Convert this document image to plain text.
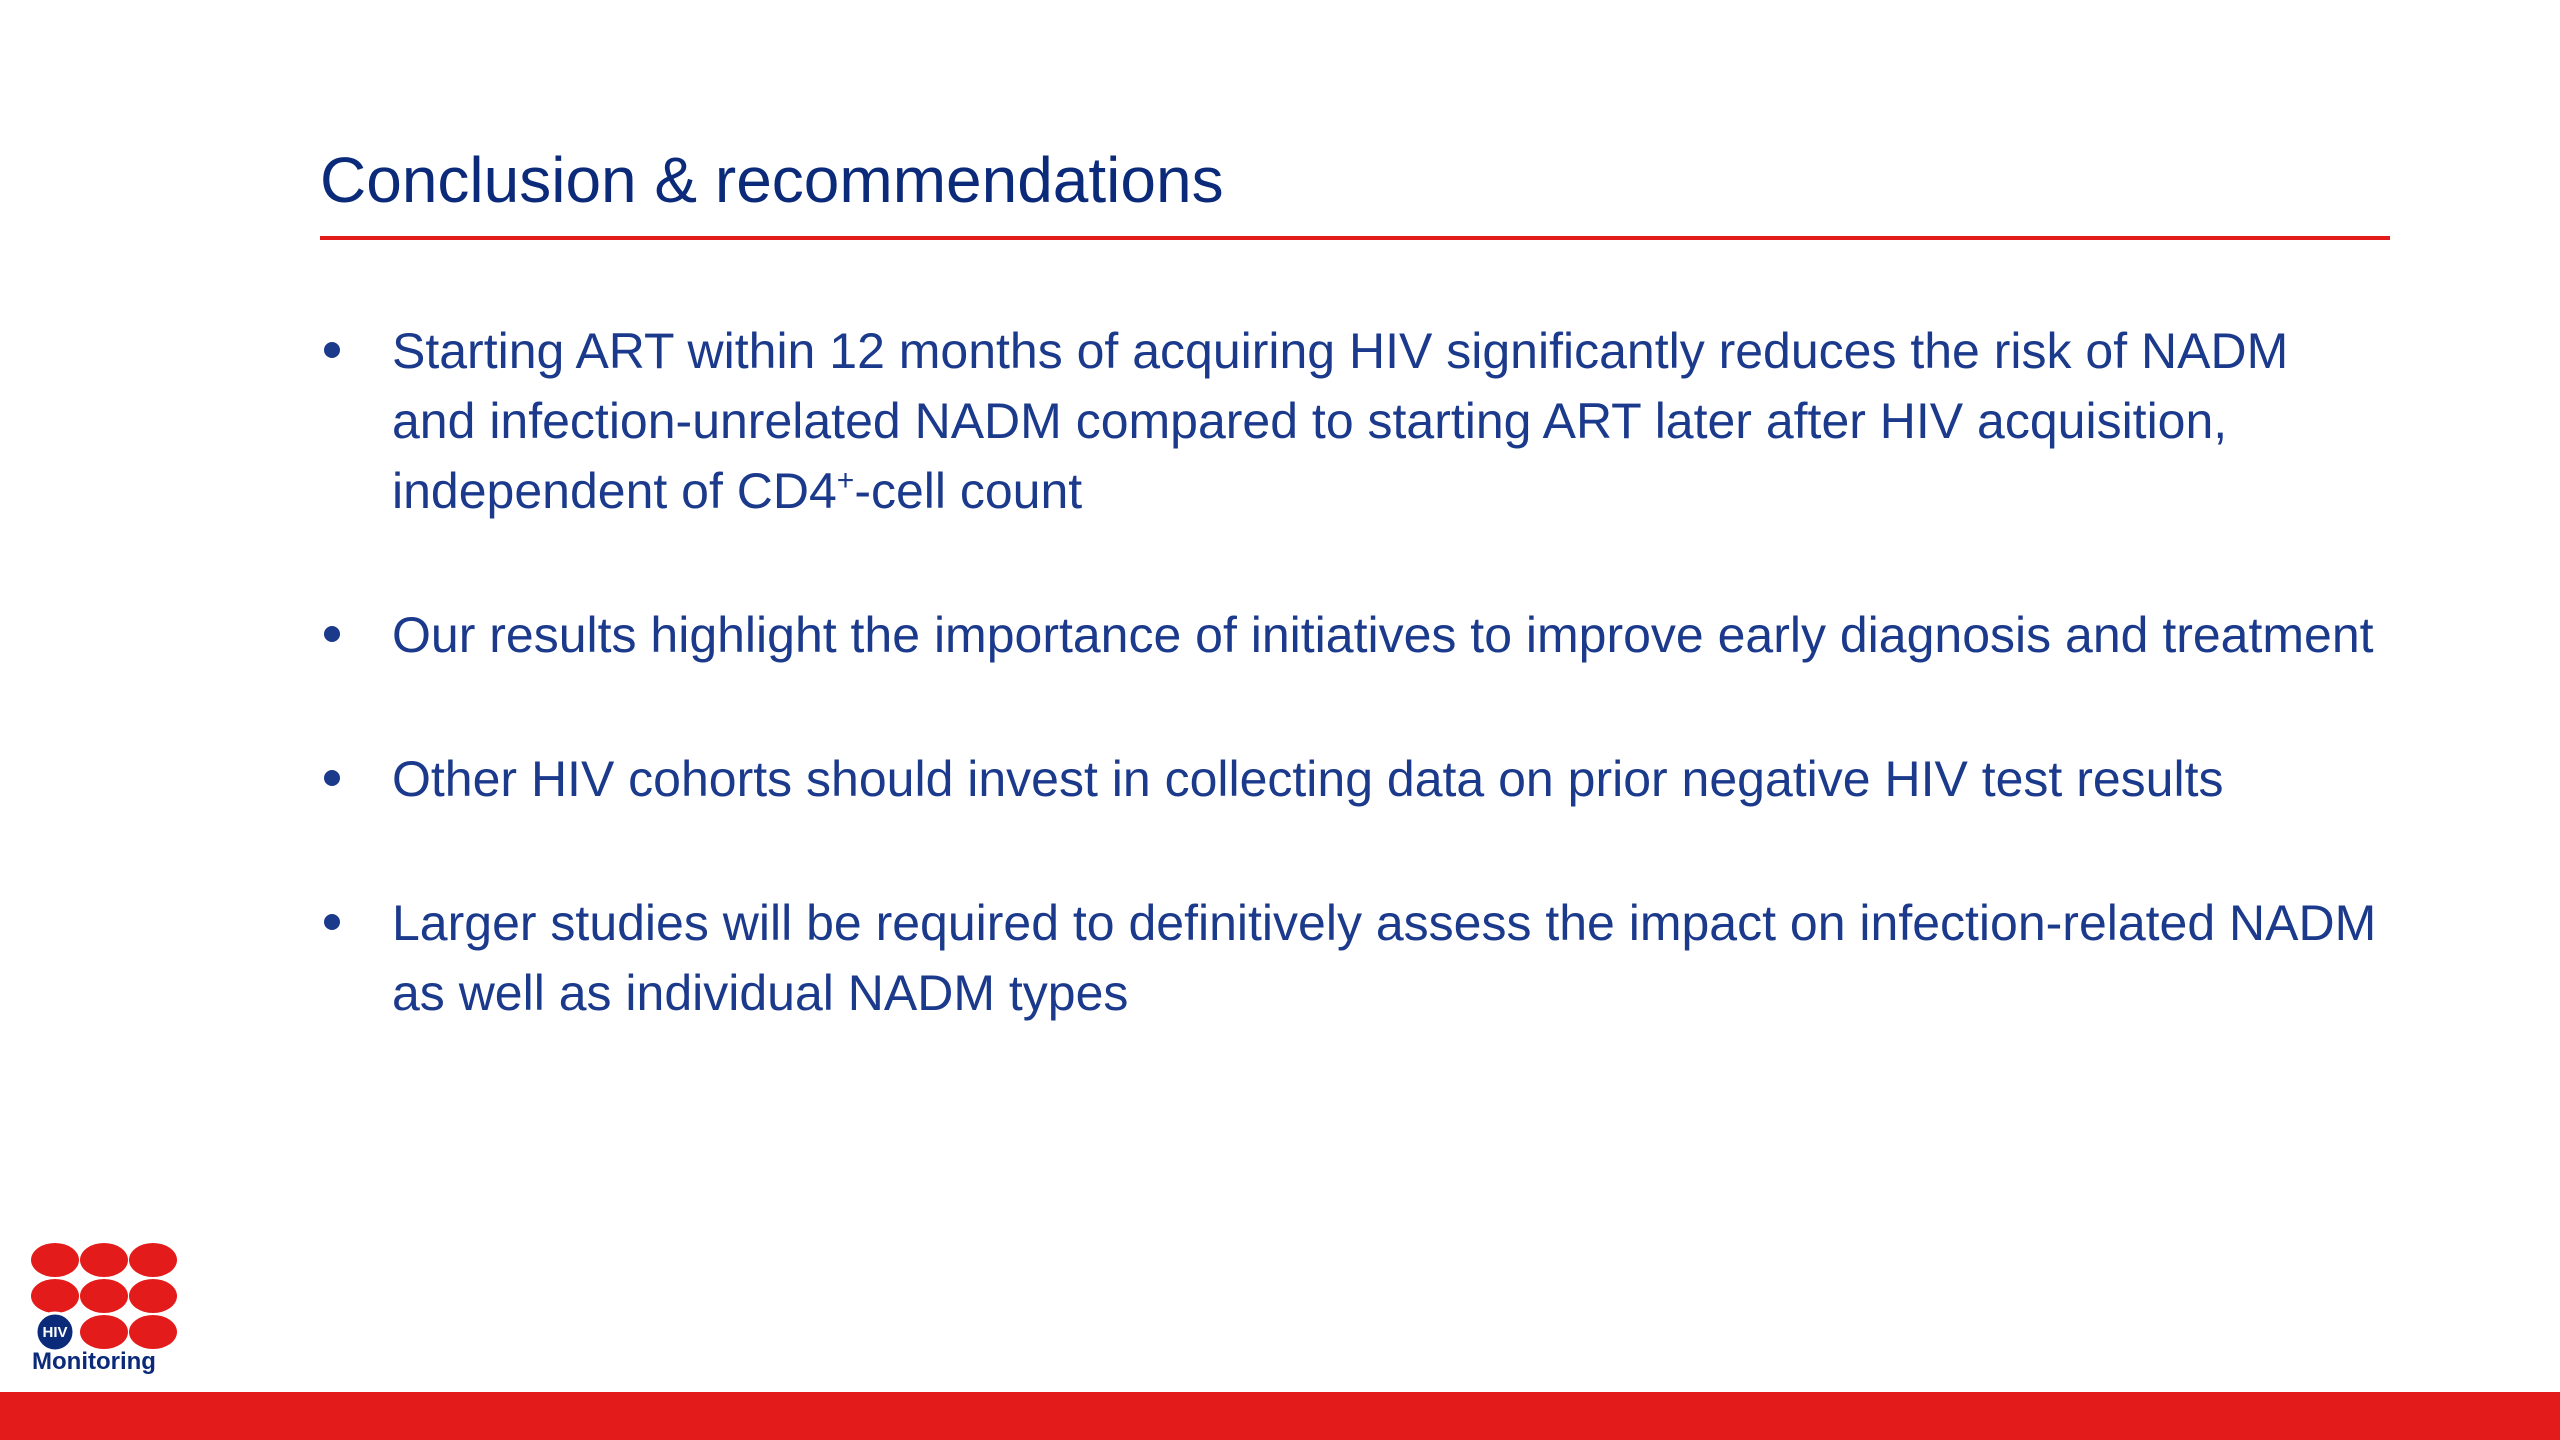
Conclusion & recommendations
Starting ART within 12 months of acquiring HIV significantly reduces the risk of NADM and infection-unrelated NADM compared to starting ART later after HIV acquisition, independent of CD4+-cell count
Our results highlight the importance of initiatives to improve early diagnosis and treatment
Other HIV cohorts should invest in collecting data on prior negative HIV test results
Larger studies will be required to definitively assess the impact on infection-related NADM as well as individual NADM types
HIV
Monitoring
